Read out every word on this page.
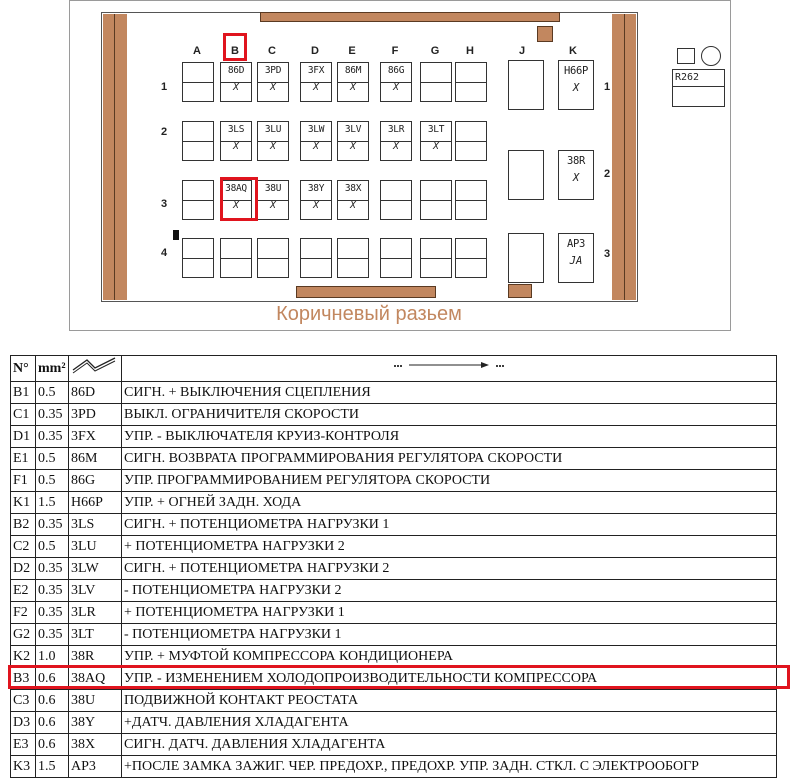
A	B	C	D	E	F	G	H	J	K
1
2
3
4
1
2
3
86D
X
3PD
X
3FX
X
86M
X
86G
X
3LS
X
3LU
X
3LW
X
3LV
X
3LR
X
3LT
X
38AQ
X
38U
X
38Y
X
38X
X
H66P
X
38R
X
AP3
JA
R262
Коричневый разьем
N°	mm²		
B1	0.5	86D	СИГН. + ВЫКЛЮЧЕНИЯ СЦЕПЛЕНИЯ
C1	0.35	3PD	ВЫКЛ. ОГРАНИЧИТЕЛЯ СКОРОСТИ
D1	0.35	3FX	УПР. - ВЫКЛЮЧАТЕЛЯ КРУИЗ-КОНТРОЛЯ
E1	0.5	86M	СИГН. ВОЗВРАТА ПРОГРАММИРОВАНИЯ РЕГУЛЯТОРА СКОРОСТИ
F1	0.5	86G	УПР. ПРОГРАММИРОВАНИЕМ РЕГУЛЯТОРА СКОРОСТИ
K1	1.5	H66P	УПР. + ОГНЕЙ ЗАДН. ХОДА
B2	0.35	3LS	СИГН. + ПОТЕНЦИОМЕТРА НАГРУЗКИ 1
C2	0.5	3LU	+ ПОТЕНЦИОМЕТРА НАГРУЗКИ 2
D2	0.35	3LW	СИГН. + ПОТЕНЦИОМЕТРА НАГРУЗКИ 2
E2	0.35	3LV	- ПОТЕНЦИОМЕТРА НАГРУЗКИ 2
F2	0.35	3LR	+ ПОТЕНЦИОМЕТРА НАГРУЗКИ 1
G2	0.35	3LT	- ПОТЕНЦИОМЕТРА НАГРУЗКИ 1
K2	1.0	38R	УПР. + МУФТОЙ КОМПРЕССОРА КОНДИЦИОНЕРА
B3	0.6	38AQ	УПР. - ИЗМЕНЕНИЕМ ХОЛОДОПРОИЗВОДИТЕЛЬНОСТИ КОМПРЕССОРА
C3	0.6	38U	ПОДВИЖНОЙ КОНТАКТ РЕОСТАТА
D3	0.6	38Y	+ДАТЧ. ДАВЛЕНИЯ ХЛАДАГЕНТА
E3	0.6	38X	СИГН. ДАТЧ. ДАВЛЕНИЯ ХЛАДАГЕНТА
K3	1.5	AP3	+ПОСЛЕ ЗАМКА ЗАЖИГ. ЧЕР. ПРЕДОХР., ПРЕДОХР. УПР. ЗАДН. СТКЛ. С ЭЛЕКТРООБОГР
